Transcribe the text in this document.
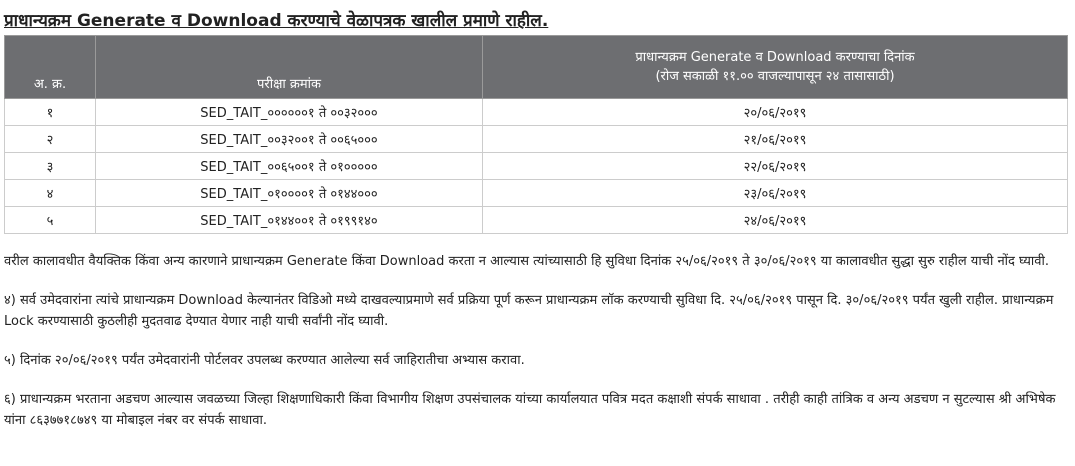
प्राधान्यक्रम Generate व Download करण्याचे वेळापत्रक खालील प्रमाणे राहील.
अ. क्र.	परीक्षा क्रमांक	प्राधान्यक्रम Generate व Download करण्याचा दिनांक
(रोज सकाळी ११.०० वाजल्यापासून २४ तासासाठी)

१	SED_TAIT_००००००१ ते ००३२०००	२०/०६/२०१९
२	SED_TAIT_००३२००१ ते ००६५०००	२१/०६/२०१९
३	SED_TAIT_००६५००१ ते ०१०००००	२२/०६/२०१९
४	SED_TAIT_०१००००१ ते ०१४४०००	२३/०६/२०१९
५	SED_TAIT_०१४४००१ ते ०१९९१४०	२४/०६/२०१९

वरील कालावधीत वैयक्तिक किंवा अन्य कारणाने प्राधान्यक्रम Generate किंवा Download करता न आल्यास त्यांच्यासाठी हि सुविधा दिनांक २५/०६/२०१९ ते ३०/०६/२०१९ या कालावधीत सुद्धा सुरु राहील याची नोंद घ्यावी.

४) सर्व उमेदवारांना त्यांचे प्राधान्यक्रम Download केल्यानंतर विडिओ मध्ये दाखवल्याप्रमाणे सर्व प्रक्रिया पूर्ण करून प्राधान्यक्रम लॉक करण्याची सुविधा दि. २५/०६/२०१९ पासून दि. ३०/०६/२०१९ पर्यंत खुली राहील. प्राधान्यक्रम Lock करण्यासाठी कुठलीही मुदतवाढ देण्यात येणार नाही याची सर्वांनी नोंद घ्यावी.

५) दिनांक २०/०६/२०१९ पर्यंत उमेदवारांनी पोर्टलवर उपलब्ध करण्यात आलेल्या सर्व जाहिरातीचा अभ्यास करावा.

६) प्राधान्यक्रम भरताना अडचण आल्यास जवळच्या जिल्हा शिक्षणाधिकारी किंवा विभागीय शिक्षण उपसंचालक यांच्या कार्यालयात पवित्र मदत कक्षाशी संपर्क साधावा . तरीही काही तांत्रिक व अन्य अडचण न सुटल्यास श्री अभिषेक यांना ८६३७७१८७४९ या मोबाइल नंबर वर संपर्क साधावा.
